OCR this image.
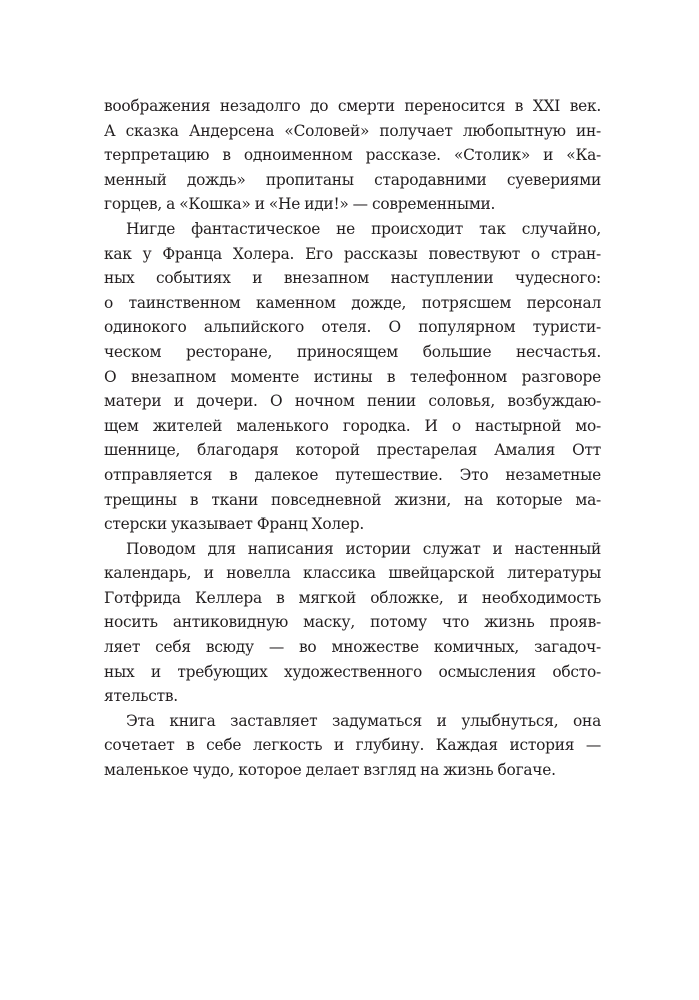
воображения незадолго до смерти переносится в XXI век.
А сказка Андерсена «Соловей» получает любопытную ин-
терпретацию в одноименном рассказе. «Столик» и «Ка-
менный дождь» пропитаны стародавними суевериями
горцев, а «Кошка» и «Не иди!» — современными.

Нигде фантастическое не происходит так случайно,
как у Франца Холера. Его рассказы повествуют о стран-
ных событиях и внезапном наступлении чудесного:
о таинственном каменном дожде, потрясшем персонал
одинокого альпийского отеля. О популярном туристи-
ческом ресторане, приносящем большие несчастья.
О внезапном моменте истины в телефонном разговоре
матери и дочери. О ночном пении соловья, возбуждаю-
щем жителей маленького городка. И о настырной мо-
шеннице, благодаря которой престарелая Амалия Отт
отправляется в далекое путешествие. Это незаметные
трещины в ткани повседневной жизни, на которые ма-
стерски указывает Франц Холер.

Поводом для написания истории служат и настенный
календарь, и новелла классика швейцарской литературы
Готфрида Келлера в мягкой обложке, и необходимость
носить антиковидную маску, потому что жизнь прояв-
ляет себя всюду — во множестве комичных, загадоч-
ных и требующих художественного осмысления обсто-
ятельств.

Эта книга заставляет задуматься и улыбнуться, она
сочетает в себе легкость и глубину. Каждая история —
маленькое чудо, которое делает взгляд на жизнь богаче.
